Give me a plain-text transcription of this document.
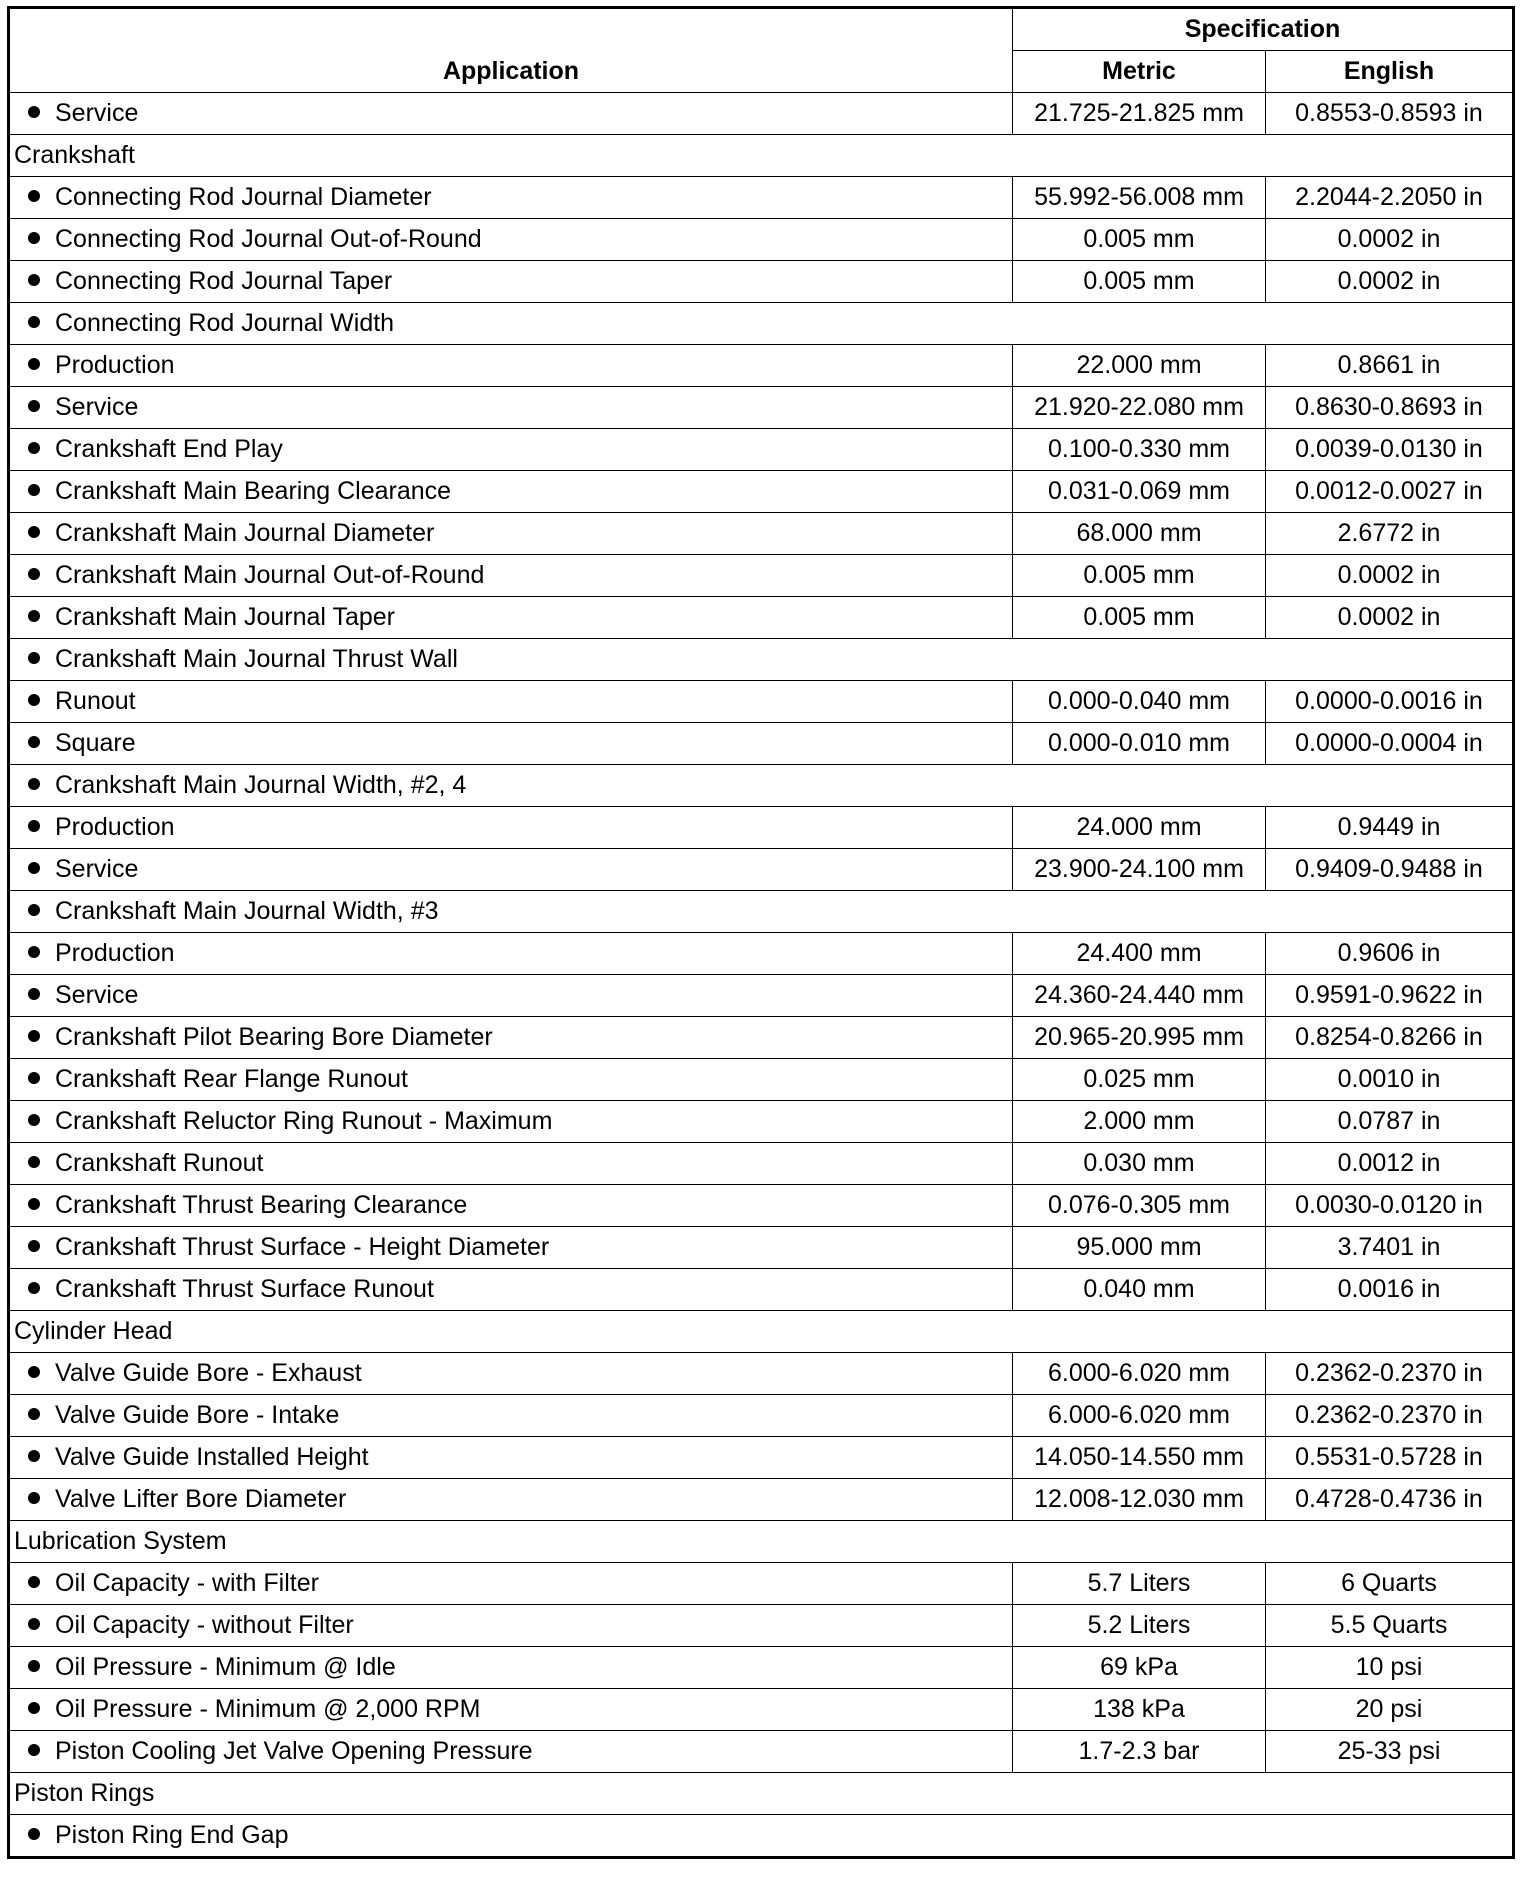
Application	Specification	
	Metric	English
Service	21.725-21.825 mm	0.8553-0.8593 in
Crankshaft		
Connecting Rod Journal Diameter	55.992-56.008 mm	2.2044-2.2050 in
Connecting Rod Journal Out-of-Round	0.005 mm	0.0002 in
Connecting Rod Journal Taper	0.005 mm	0.0002 in
Connecting Rod Journal Width		
Production	22.000 mm	0.8661 in
Service	21.920-22.080 mm	0.8630-0.8693 in
Crankshaft End Play	0.100-0.330 mm	0.0039-0.0130 in
Crankshaft Main Bearing Clearance	0.031-0.069 mm	0.0012-0.0027 in
Crankshaft Main Journal Diameter	68.000 mm	2.6772 in
Crankshaft Main Journal Out-of-Round	0.005 mm	0.0002 in
Crankshaft Main Journal Taper	0.005 mm	0.0002 in
Crankshaft Main Journal Thrust Wall		
Runout	0.000-0.040 mm	0.0000-0.0016 in
Square	0.000-0.010 mm	0.0000-0.0004 in
Crankshaft Main Journal Width, #2, 4		
Production	24.000 mm	0.9449 in
Service	23.900-24.100 mm	0.9409-0.9488 in
Crankshaft Main Journal Width, #3		
Production	24.400 mm	0.9606 in
Service	24.360-24.440 mm	0.9591-0.9622 in
Crankshaft Pilot Bearing Bore Diameter	20.965-20.995 mm	0.8254-0.8266 in
Crankshaft Rear Flange Runout	0.025 mm	0.0010 in
Crankshaft Reluctor Ring Runout - Maximum	2.000 mm	0.0787 in
Crankshaft Runout	0.030 mm	0.0012 in
Crankshaft Thrust Bearing Clearance	0.076-0.305 mm	0.0030-0.0120 in
Crankshaft Thrust Surface - Height Diameter	95.000 mm	3.7401 in
Crankshaft Thrust Surface Runout	0.040 mm	0.0016 in
Cylinder Head		
Valve Guide Bore - Exhaust	6.000-6.020 mm	0.2362-0.2370 in
Valve Guide Bore - Intake	6.000-6.020 mm	0.2362-0.2370 in
Valve Guide Installed Height	14.050-14.550 mm	0.5531-0.5728 in
Valve Lifter Bore Diameter	12.008-12.030 mm	0.4728-0.4736 in
Lubrication System		
Oil Capacity - with Filter	5.7 Liters	6 Quarts
Oil Capacity - without Filter	5.2 Liters	5.5 Quarts
Oil Pressure - Minimum @ Idle	69 kPa	10 psi
Oil Pressure - Minimum @ 2,000 RPM	138 kPa	20 psi
Piston Cooling Jet Valve Opening Pressure	1.7-2.3 bar	25-33 psi
Piston Rings		
Piston Ring End Gap		
